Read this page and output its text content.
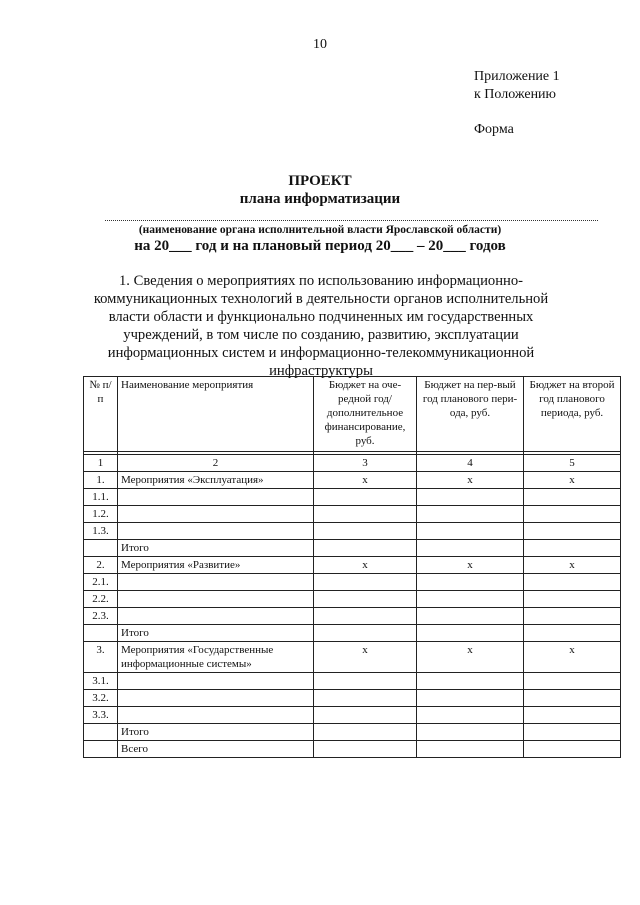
10
Приложение 1
к Положению
Форма
ПРОЕКТ
плана информатизации
(наименование органа исполнительной власти Ярославской области)
на 20___ год и на плановый период 20___ – 20___ годов
1. Сведения о мероприятиях по использованию информационно-коммуникационных технологий в деятельности органов исполнительной власти области и функционально подчиненных им государственных учреждений, в том числе по созданию, развитию, эксплуатации информационных систем и информационно-телекоммуникационной инфраструктуры
№ п/п	Наименование мероприятия	Бюджет на оче-редной год/ дополнительное финансирование, руб.	Бюджет на пер-вый год планового пери-ода, руб.	Бюджет на второй год планового периода, руб.

1	2	3	4	5
1.	Мероприятия «Эксплуатация»	х	х	х
1.1.				
1.2.				
1.3.				
	Итого			
2.	Мероприятия «Развитие»	х	х	х
2.1.				
2.2.				
2.3.				
	Итого			
3.	Мероприятия «Государственные информационные системы»	х	х	х
3.1.				
3.2.				
3.3.				
	Итого			
	Всего			
